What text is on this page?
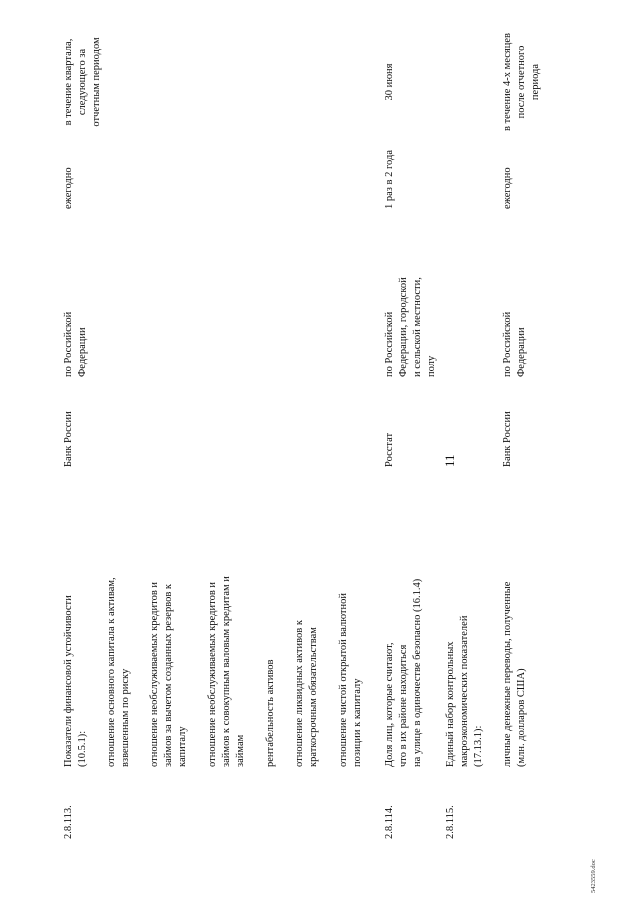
11
5423559.doc
2.8.113.
Показатели финансовой устойчивости (10.5.1): отношение основного капитала к активам, взвешенным по риску отношение необслуживаемых кредитов и займов за вычетом созданных резервов к капиталу отношение необслуживаемых кредитов и займов к совокупным валовым кредитам и займам рентабельность активов отношение ликвидных активов к краткосрочным обязательствам отношение чистой открытой валютной позиции к капиталу
Банк России
по Российской Федерации
ежегодно
в течение квартала, следующего за отчетным периодом
2.8.114.
Доля лиц, которые считают, что в их районе находиться на улице в одиночестве безопасно (16.1.4)
Росстат
по Российской Федерации, городской и сельской местности, полу
1 раз в 2 года
30 июня
2.8.115.
Единый набор контрольных макроэкономических показателей (17.13.1): личные денежные переводы, полученные (млн. долларов США)
Банк России
по Российской Федерации
ежегодно
в течение 4-х месяцев после отчетного периода
